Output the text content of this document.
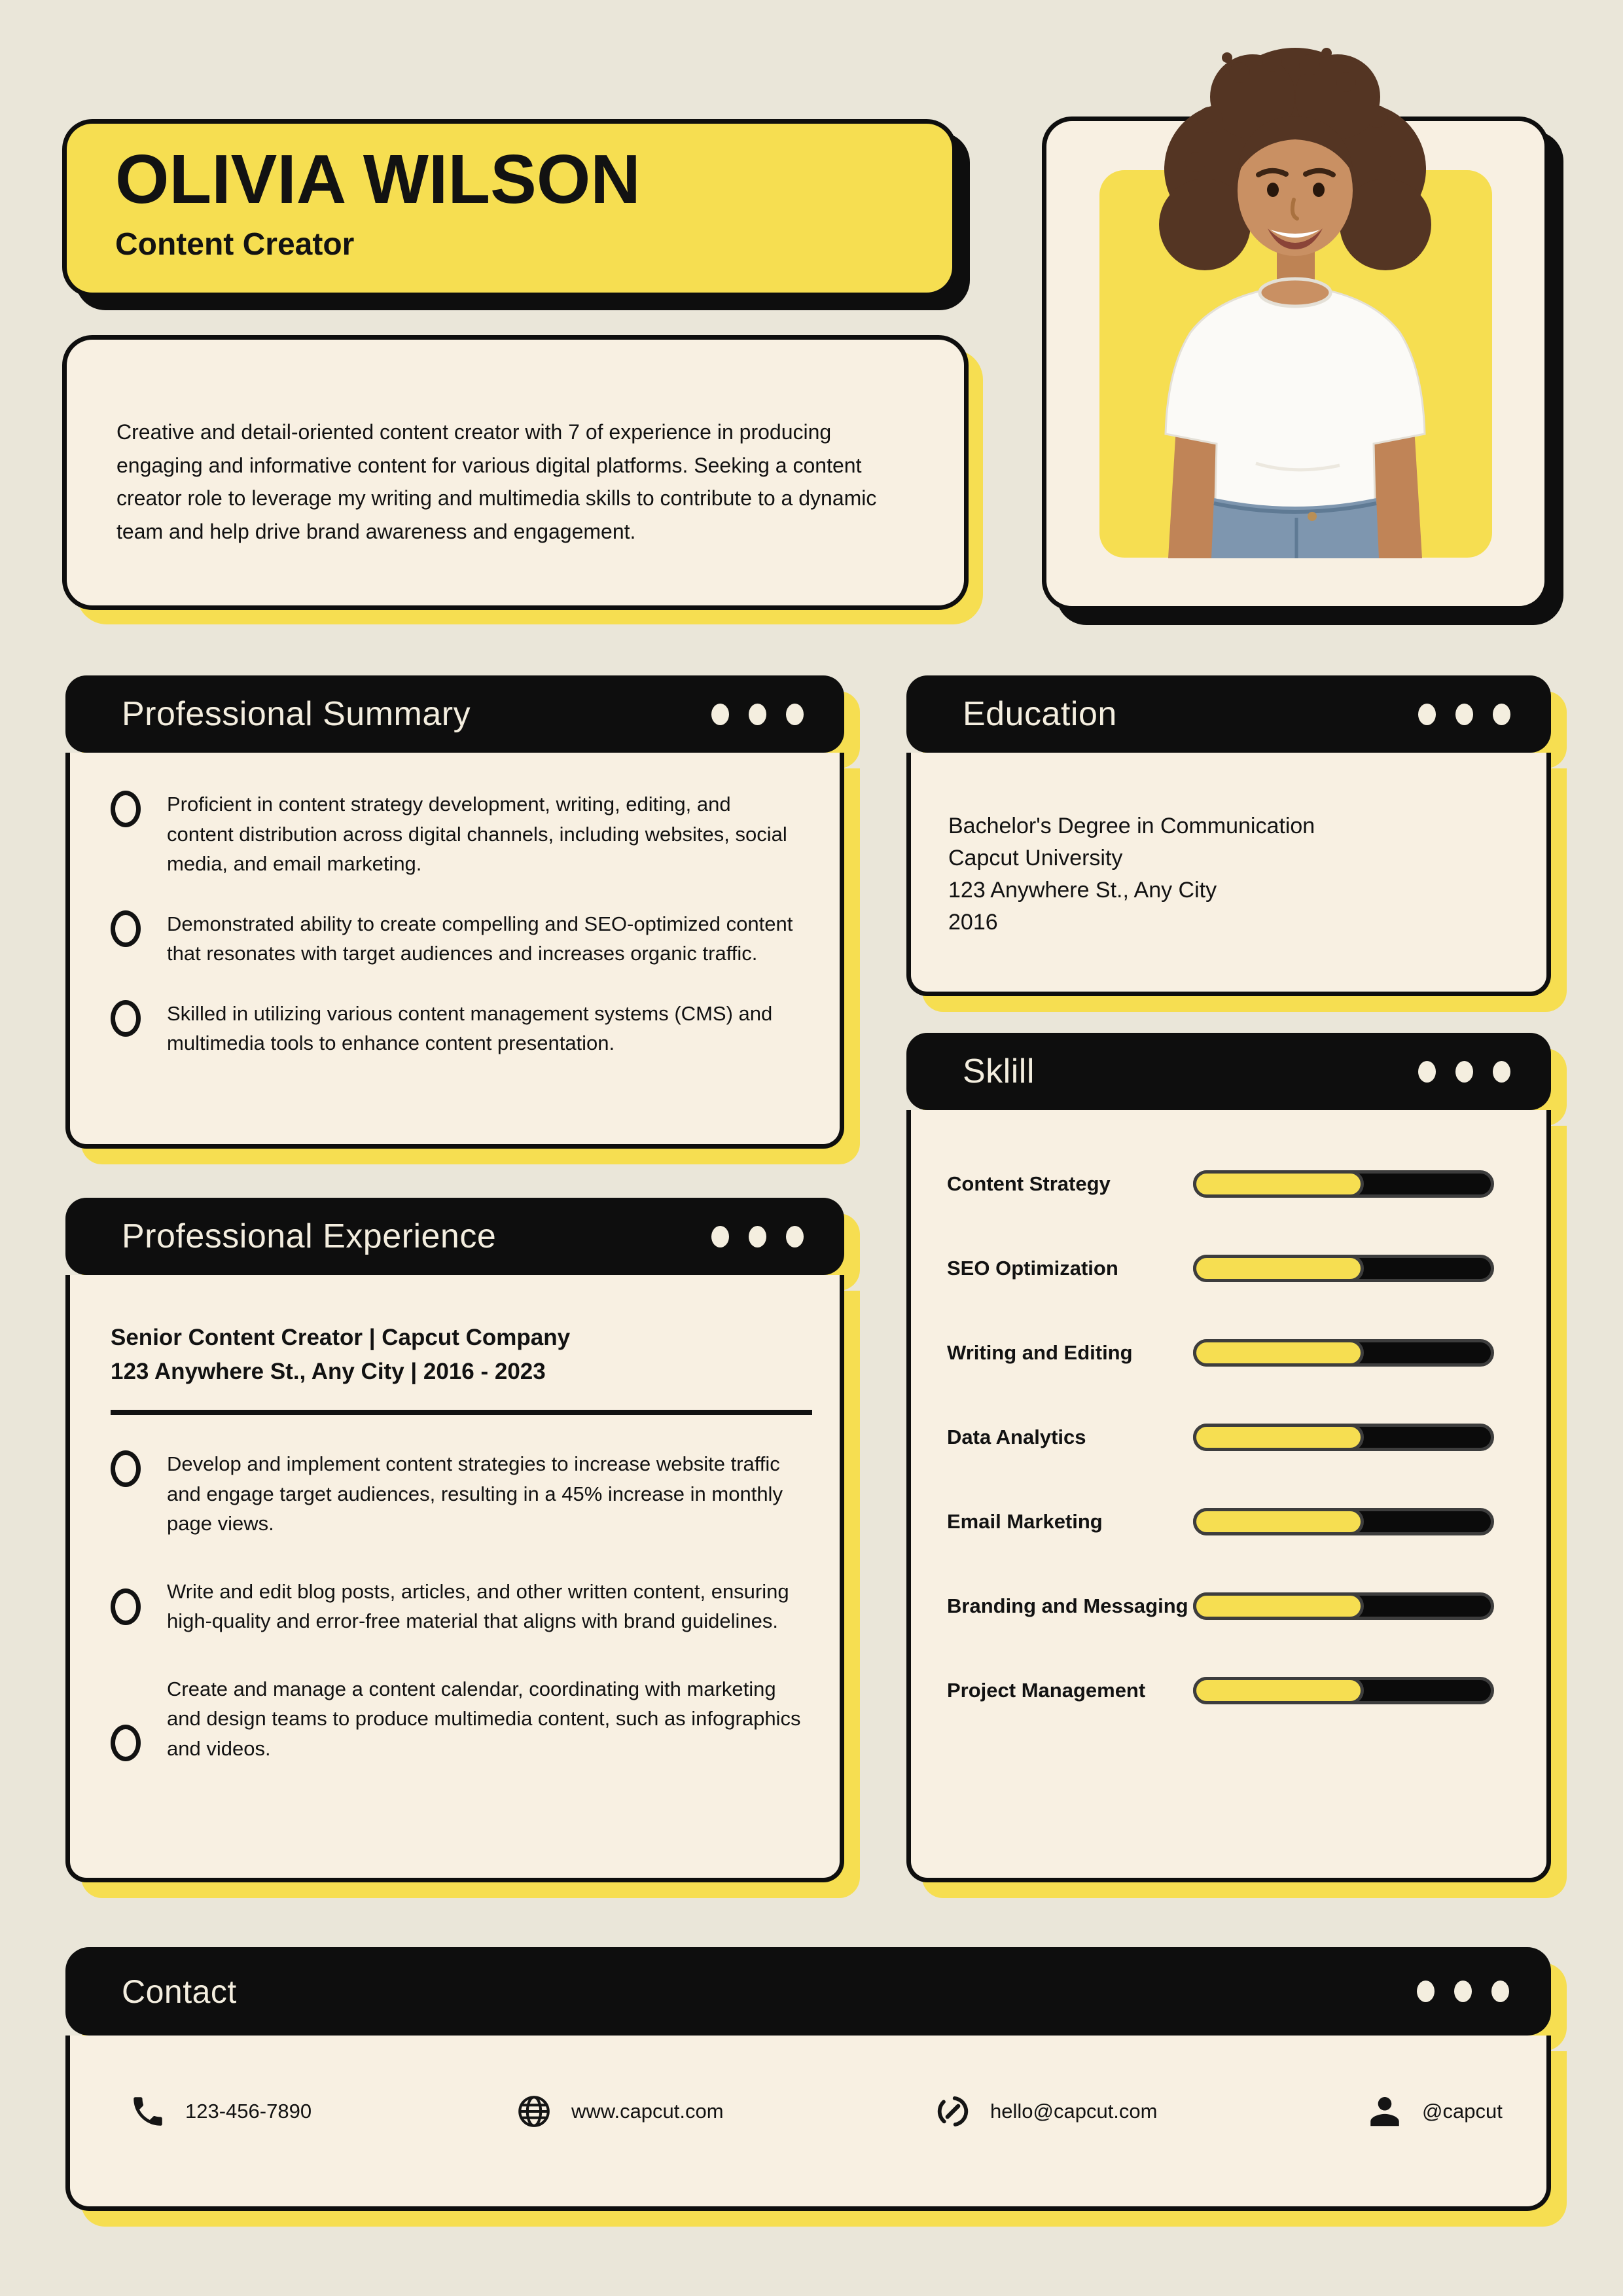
OLIVIA WILSON

Content Creator

Creative and detail-oriented content creator with 7 of experience in producing engaging and informative content for various digital platforms. Seeking a content creator role to leverage my writing and multimedia skills to contribute to a dynamic team and help drive brand awareness and engagement.

Professional Summary

Proficient in content strategy development, writing, editing, and content distribution across digital channels, including websites, social media, and email marketing.

Demonstrated ability to create compelling and SEO-optimized content that resonates with target audiences and increases organic traffic.

Skilled in utilizing various content management systems (CMS) and multimedia tools to enhance content presentation.

Education

Bachelor's Degree in Communication

Capcut University

123 Anywhere St., Any City

2016

Sklill
Content Strategy
SEO Optimization
Writing and Editing
Data Analytics
Email Marketing
Branding and Messaging
Project Management
Professional Experience

Senior Content Creator | Capcut Company

123 Anywhere St., Any City | 2016 - 2023

Develop and implement content strategies to increase website traffic and engage target audiences, resulting in a 45% increase in monthly page views.

Write and edit blog posts, articles, and other written content, ensuring high-quality and error-free material that aligns with brand guidelines.

Create and manage a content calendar, coordinating with marketing and design teams to produce multimedia content, such as infographics and videos.

Contact
123-456-7890	www.capcut.com	hello@capcut.com	@capcut
